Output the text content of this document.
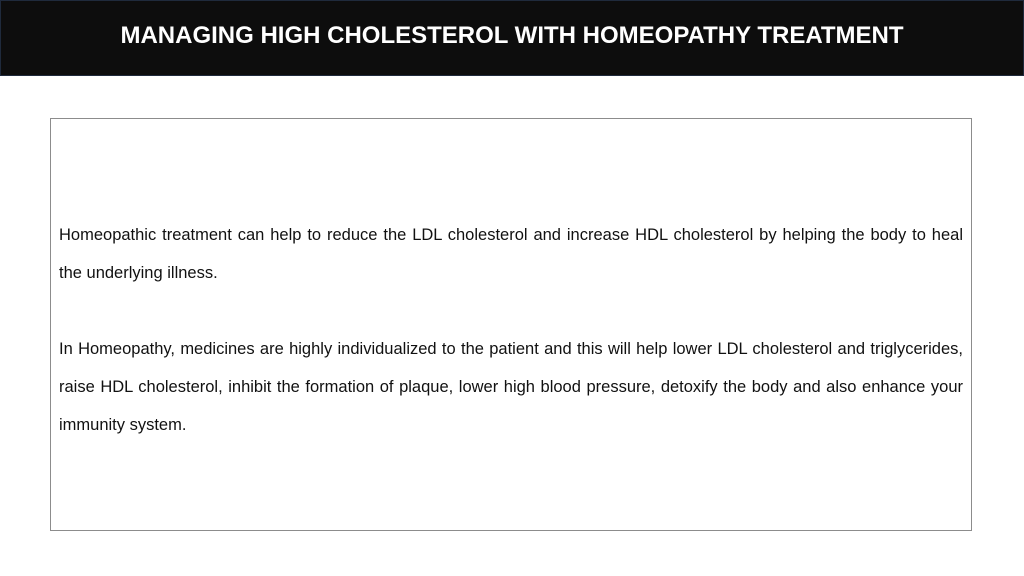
MANAGING HIGH CHOLESTEROL WITH HOMEOPATHY TREATMENT

Homeopathic treatment can help to reduce the LDL cholesterol and increase HDL cholesterol by helping the body to heal the underlying illness.

In Homeopathy, medicines are highly individualized to the patient and this will help lower LDL cholesterol and triglycerides, raise HDL cholesterol, inhibit the formation of plaque, lower high blood pressure, detoxify the body and also enhance your immunity system.
